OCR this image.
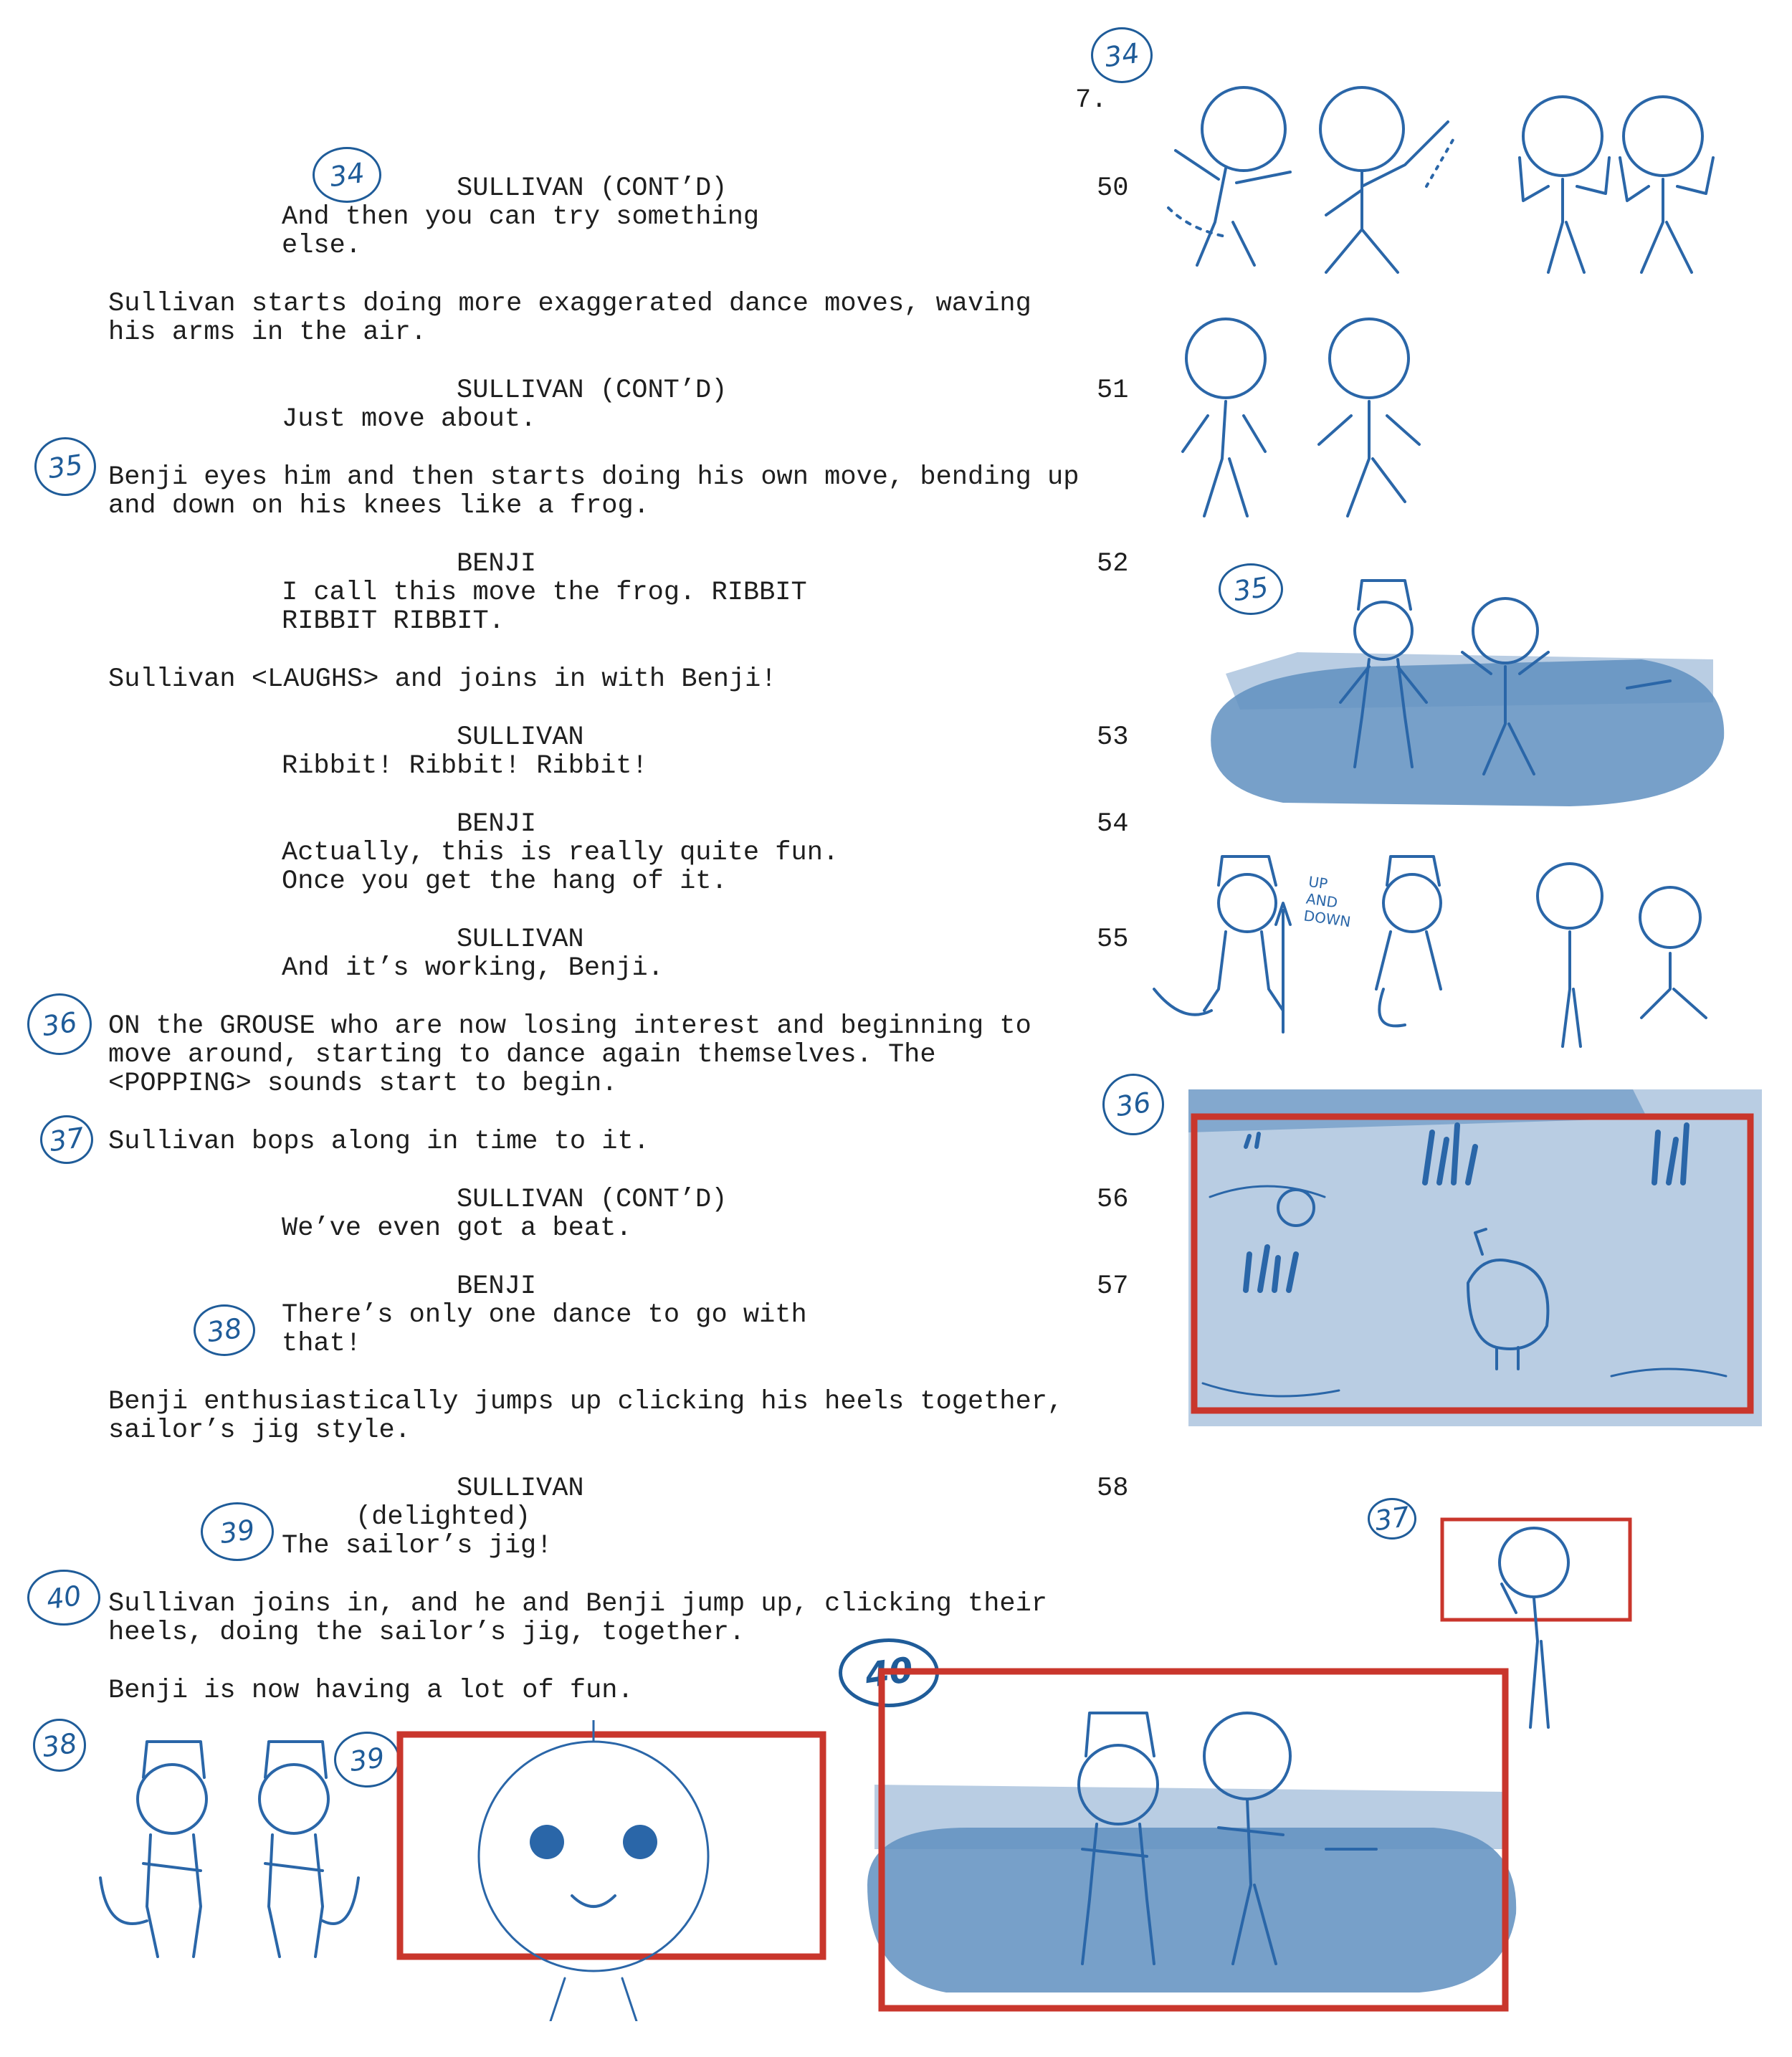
7.
SULLIVAN (CONT’D)	50
And then you can try something
else.
Sullivan starts doing more exaggerated dance moves, waving
his arms in the air.
SULLIVAN (CONT’D)	51
Just move about.
Benji eyes him and then starts doing his own move, bending up
and down on his knees like a frog.
BENJI	52
I call this move the frog. RIBBIT
RIBBIT RIBBIT.
Sullivan <LAUGHS> and joins in with Benji!
SULLIVAN	53
Ribbit! Ribbit! Ribbit!
BENJI	54
Actually, this is really quite fun.
Once you get the hang of it.
SULLIVAN	55
And it’s working, Benji.
ON the GROUSE who are now losing interest and beginning to
move around, starting to dance again themselves. The
<POPPING> sounds start to begin.
Sullivan bops along in time to it.
SULLIVAN (CONT’D)	56
We’ve even got a beat.
BENJI	57
There’s only one dance to go with
that!
Benji enthusiastically jumps up clicking his heels together,
sailor’s jig style.
SULLIVAN	58
(delighted)
The sailor’s jig!
Sullivan joins in, and he and Benji jump up, clicking their
heels, doing the sailor’s jig, together.
Benji is now having a lot of fun.
34
35
36
37
38
39
40
34
35
UP
AND
DOWN
36
37
38	39
40
